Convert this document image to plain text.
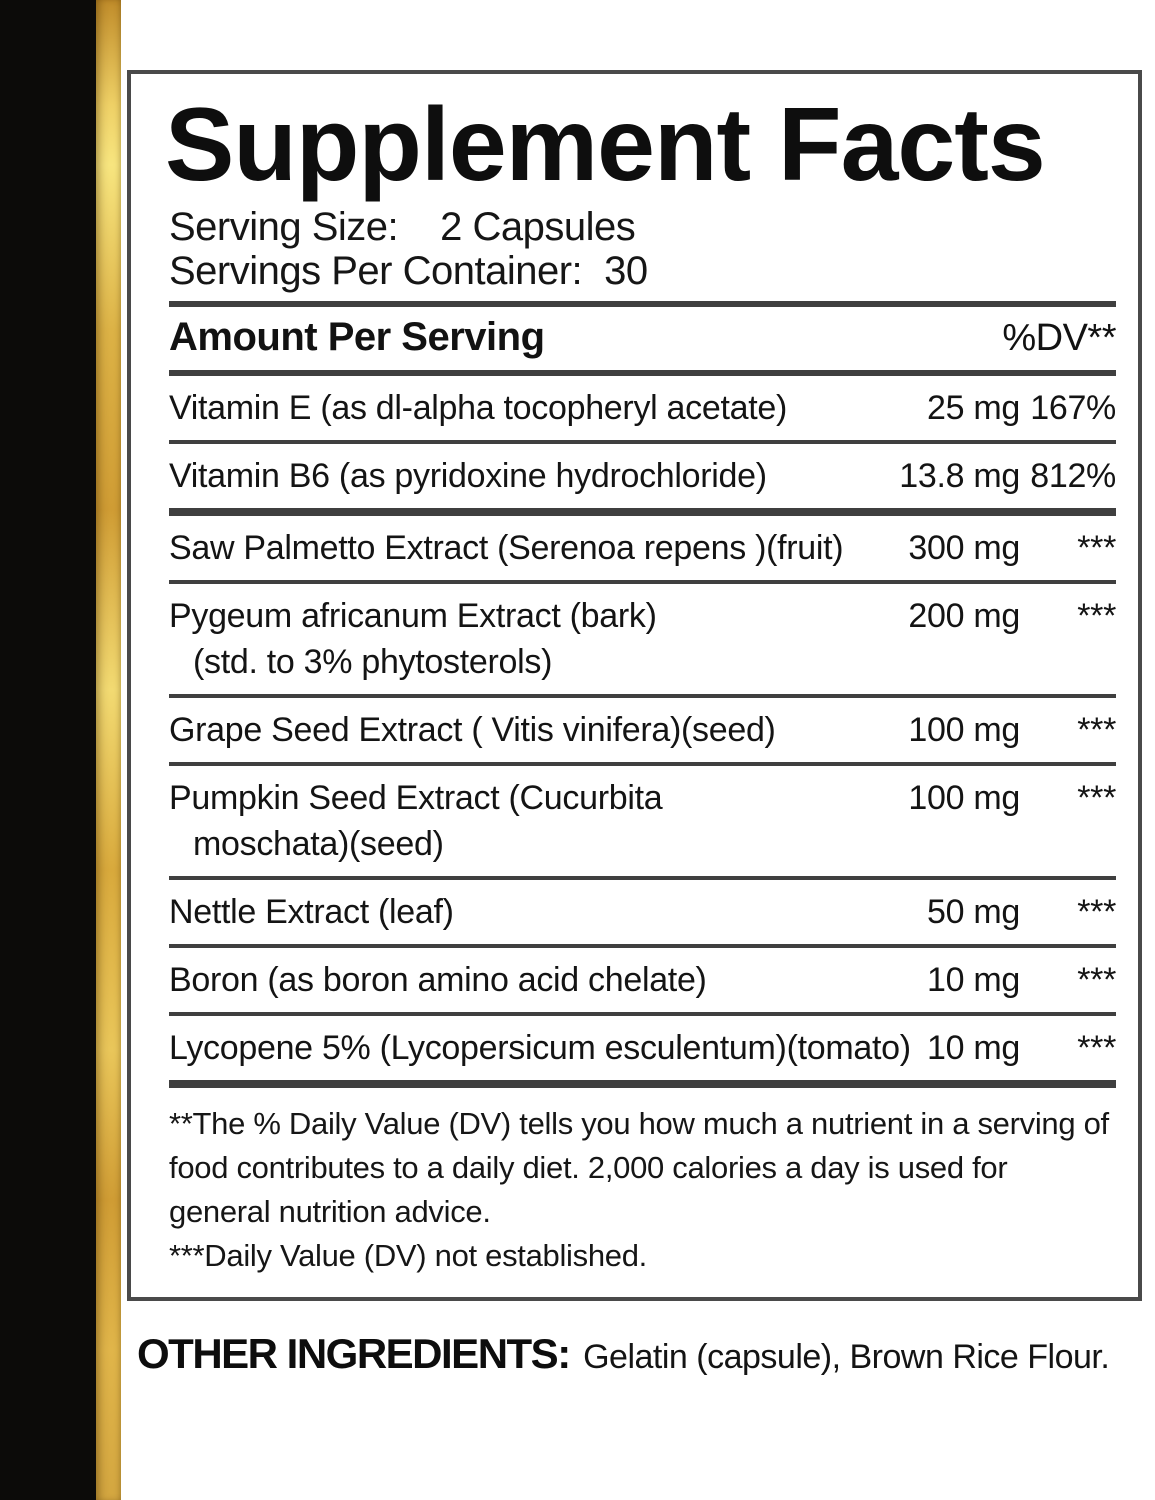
Supplement Facts
Serving Size: 2 Capsules
Servings Per Container: 30
Amount Per Serving	%DV**
Vitamin E (as dl-alpha tocopheryl acetate)	25 mg 167%
Vitamin B6 (as pyridoxine hydrochloride)	13.8 mg 812%
Saw Palmetto Extract (Serenoa repens )(fruit)	300 mg	***
Pygeum africanum Extract (bark)
(std. to 3% phytosterols)
200 mg	***
Grape Seed Extract ( Vitis vinifera)(seed)	100 mg	***
Pumpkin Seed Extract (Cucurbita
moschata)(seed)
100 mg	***
Nettle Extract (leaf)	50 mg	***
Boron (as boron amino acid chelate)	10 mg	***
Lycopene 5% (Lycopersicum esculentum)(tomato) 10 mg	***

**The % Daily Value (DV) tells you how much a nutrient in a serving of food contributes to a daily diet. 2,000 calories a day is used for general nutrition advice.

***Daily Value (DV) not established.

OTHER INGREDIENTS: Gelatin (capsule), Brown Rice Flour.
